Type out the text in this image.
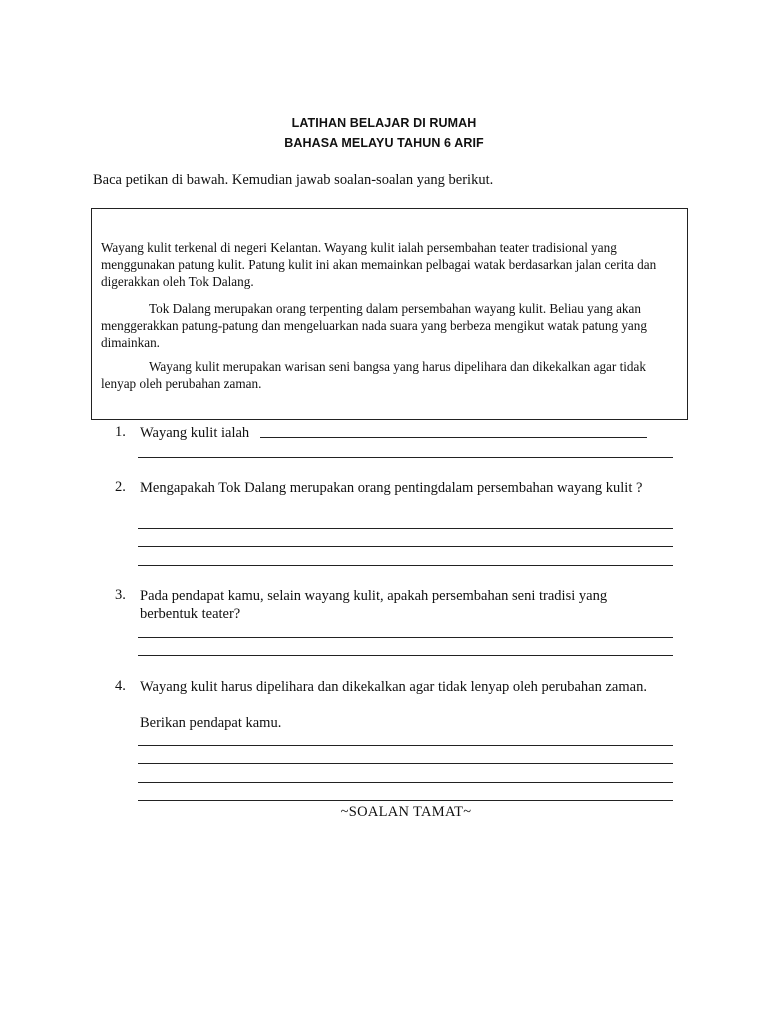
LATIHAN BELAJAR DI RUMAH
BAHASA MELAYU TAHUN 6 ARIF
Baca petikan di bawah. Kemudian jawab soalan-soalan yang berikut.

Wayang kulit terkenal di negeri Kelantan. Wayang kulit ialah persembahan teater tradisional yang menggunakan patung kulit. Patung kulit ini akan memainkan pelbagai watak berdasarkan jalan cerita dan digerakkan oleh Tok Dalang.

Tok Dalang merupakan orang terpenting dalam persembahan wayang kulit. Beliau yang akan menggerakkan patung-patung dan mengeluarkan nada suara yang berbeza mengikut watak patung yang dimainkan.

Wayang kulit merupakan warisan seni bangsa yang harus dipelihara dan dikekalkan agar tidak lenyap oleh perubahan zaman.

1. Wayang kulit ialah
2. Mengapakah Tok Dalang merupakan orang pentingdalam persembahan wayang kulit ?
3. Pada pendapat kamu, selain wayang kulit, apakah persembahan seni tradisi yang berbentuk teater?
4. Wayang kulit harus dipelihara dan dikekalkan agar tidak lenyap oleh perubahan zaman.
Berikan pendapat kamu.
~SOALAN TAMAT~
